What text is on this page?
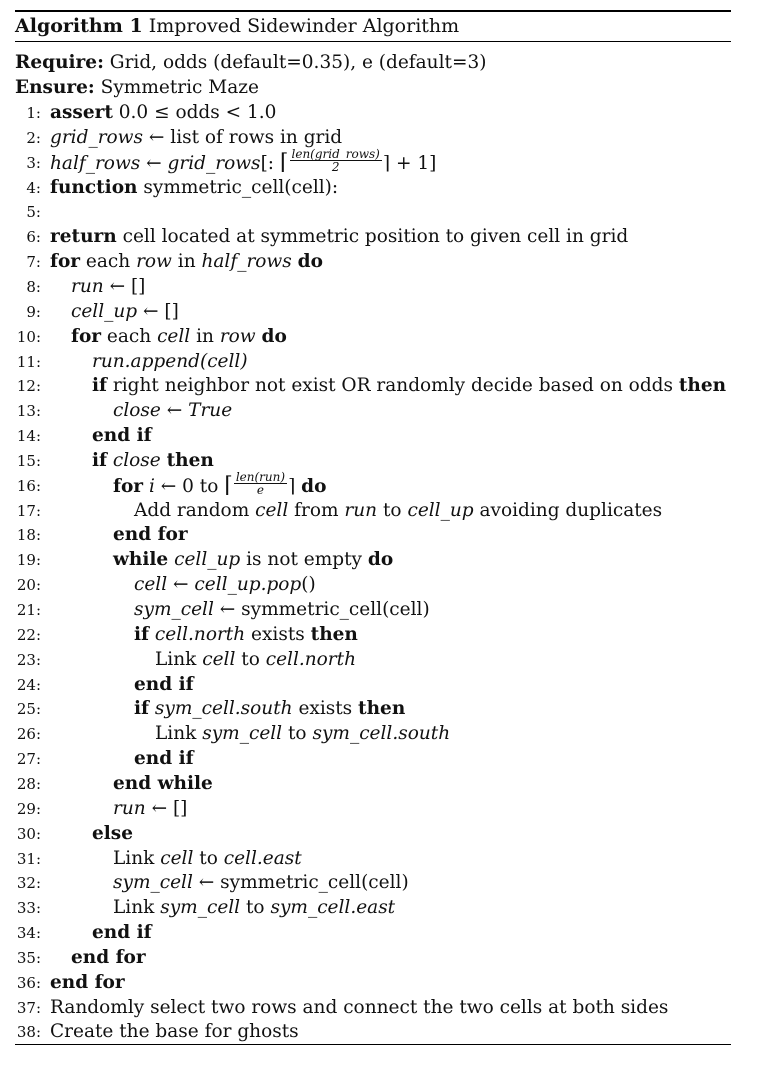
Algorithm 1 Improved Sidewinder Algorithm
Require: Grid, odds (default=0.35), e (default=3)
Ensure: Symmetric Maze
1: assert 0.0 ≤ odds < 1.0
2: grid_rows ← list of rows in grid
3: half_rows ← grid_rows[: ⌈ $\frac{\text{len(grid\_rows)}}{2}$ ⌉ + 1]
4: function symmetric_cell(cell):
5:
6: return cell located at symmetric position to given cell in grid
7: for each row in half_rows do
8: run ← []
9: cell_up ← []
10: for each cell in row do
11:	run.append(cell)
12:	if right neighbor not exist OR randomly decide based on odds then
13:	close ← True
14:	end if
15:	if close then
16:	for i ← 0 to ⌈ $\frac{\text{len(run)}}{e}$ ⌉ do
17:	Add random cell from run to cell_up avoiding duplicates
18:	end for
19:	while cell_up is not empty do
20:	cell ← cell_up.pop()
21:	sym_cell ← symmetric_cell(cell)
22:	if cell.north exists then
23:	Link cell to cell.north
24:	end if
25:	if sym_cell.south exists then
26:	Link sym_cell to sym_cell.south
27:	end if
28:	end while
29:	run ← []
30:	else
31:	Link cell to cell.east
32:	sym_cell ← symmetric_cell(cell)
33:	Link sym_cell to sym_cell.east
34:	end if
35: end for
36: end for
37: Randomly select two rows and connect the two cells at both sides
38: Create the base for ghosts
